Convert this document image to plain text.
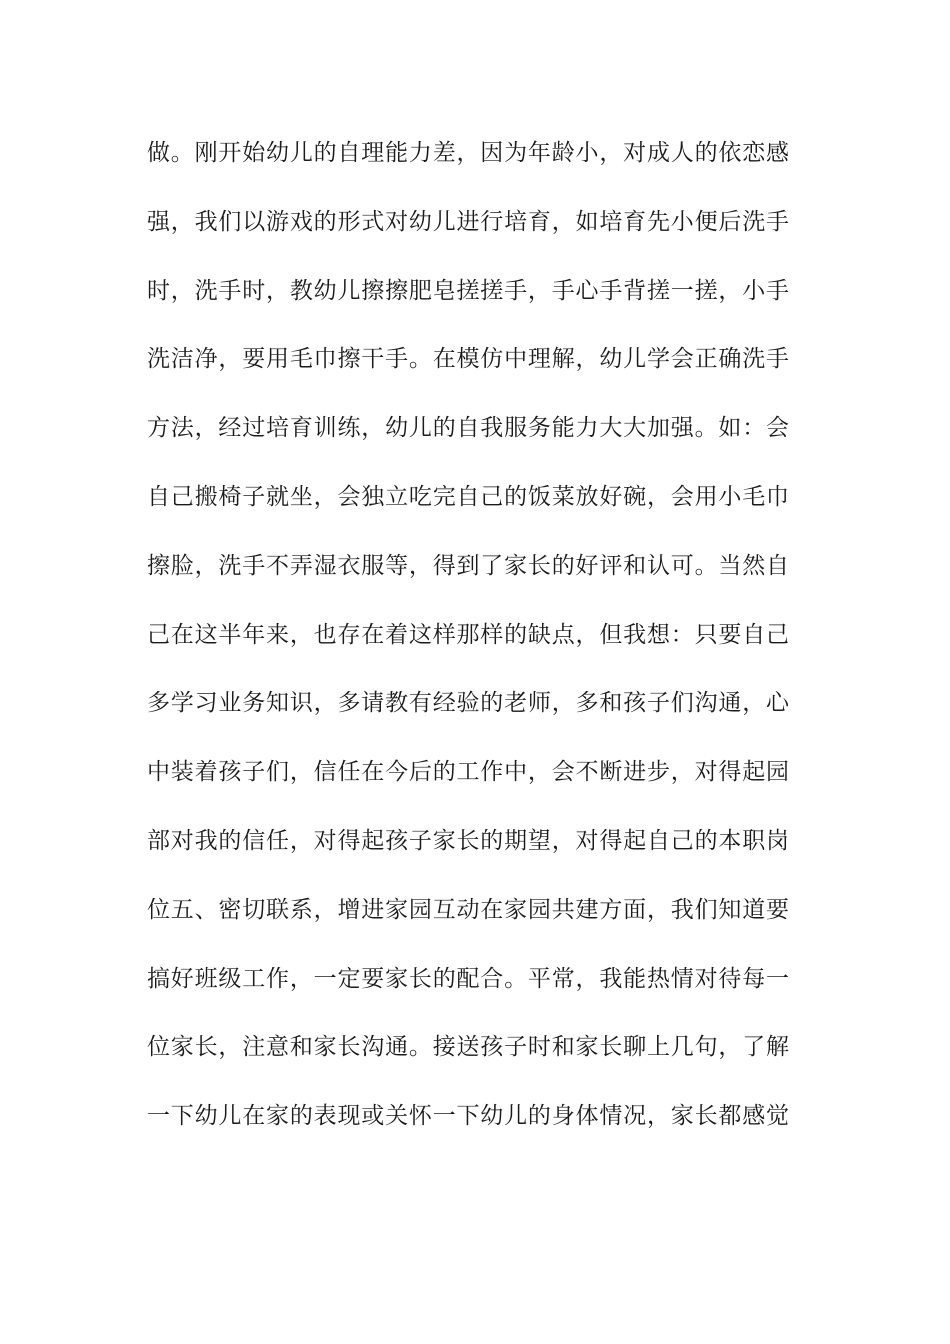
做。刚开始幼儿的自理能力差，因为年龄小，对成人的依恋感
强，我们以游戏的形式对幼儿进行培育，如培育先小便后洗手
时，洗手时，教幼儿擦擦肥皂搓搓手，手心手背搓一搓，小手
洗洁净，要用毛巾擦干手。在模仿中理解，幼儿学会正确洗手
方法，经过培育训练，幼儿的自我服务能力大大加强。如：会
自己搬椅子就坐，会独立吃完自己的饭菜放好碗，会用小毛巾
擦脸，洗手不弄湿衣服等，得到了家长的好评和认可。当然自
己在这半年来，也存在着这样那样的缺点，但我想：只要自己
多学习业务知识，多请教有经验的老师，多和孩子们沟通，心
中装着孩子们，信任在今后的工作中，会不断进步，对得起园
部对我的信任，对得起孩子家长的期望，对得起自己的本职岗
位五、密切联系，增进家园互动在家园共建方面，我们知道要
搞好班级工作，一定要家长的配合。平常，我能热情对待每一
位家长，注意和家长沟通。接送孩子时和家长聊上几句，了解
一下幼儿在家的表现或关怀一下幼儿的身体情况，家长都感觉
